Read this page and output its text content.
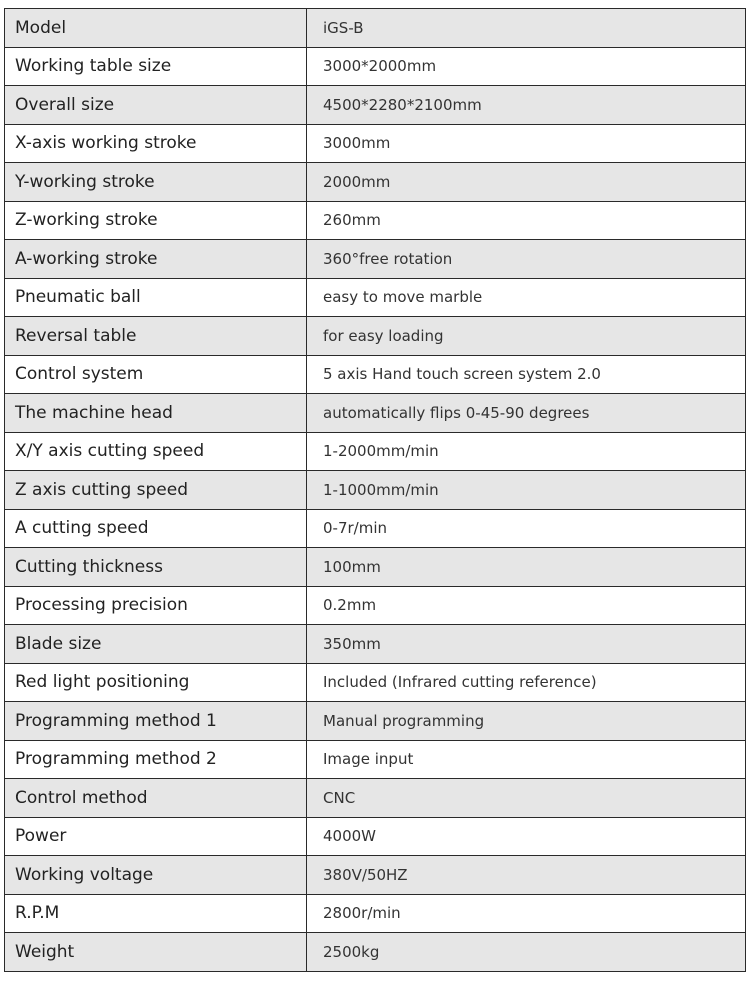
Model	iGS-B
Working table size	3000*2000mm
Overall size	4500*2280*2100mm
X-axis working stroke	3000mm
Y-working stroke	2000mm
Z-working stroke	260mm
A-working stroke	360°free rotation
Pneumatic ball	easy to move marble
Reversal table	for easy loading
Control system	5 axis Hand touch screen system 2.0
The machine head	automatically flips 0-45-90 degrees
X/Y axis cutting speed	1-2000mm/min
Z axis cutting speed	1-1000mm/min
A cutting speed	0-7r/min
Cutting thickness	100mm
Processing precision	0.2mm
Blade size	350mm
Red light positioning	Included (Infrared cutting reference)
Programming method 1	Manual programming
Programming method 2	Image input
Control method	CNC
Power	4000W
Working voltage	380V/50HZ
R.P.M	2800r/min
Weight	2500kg
